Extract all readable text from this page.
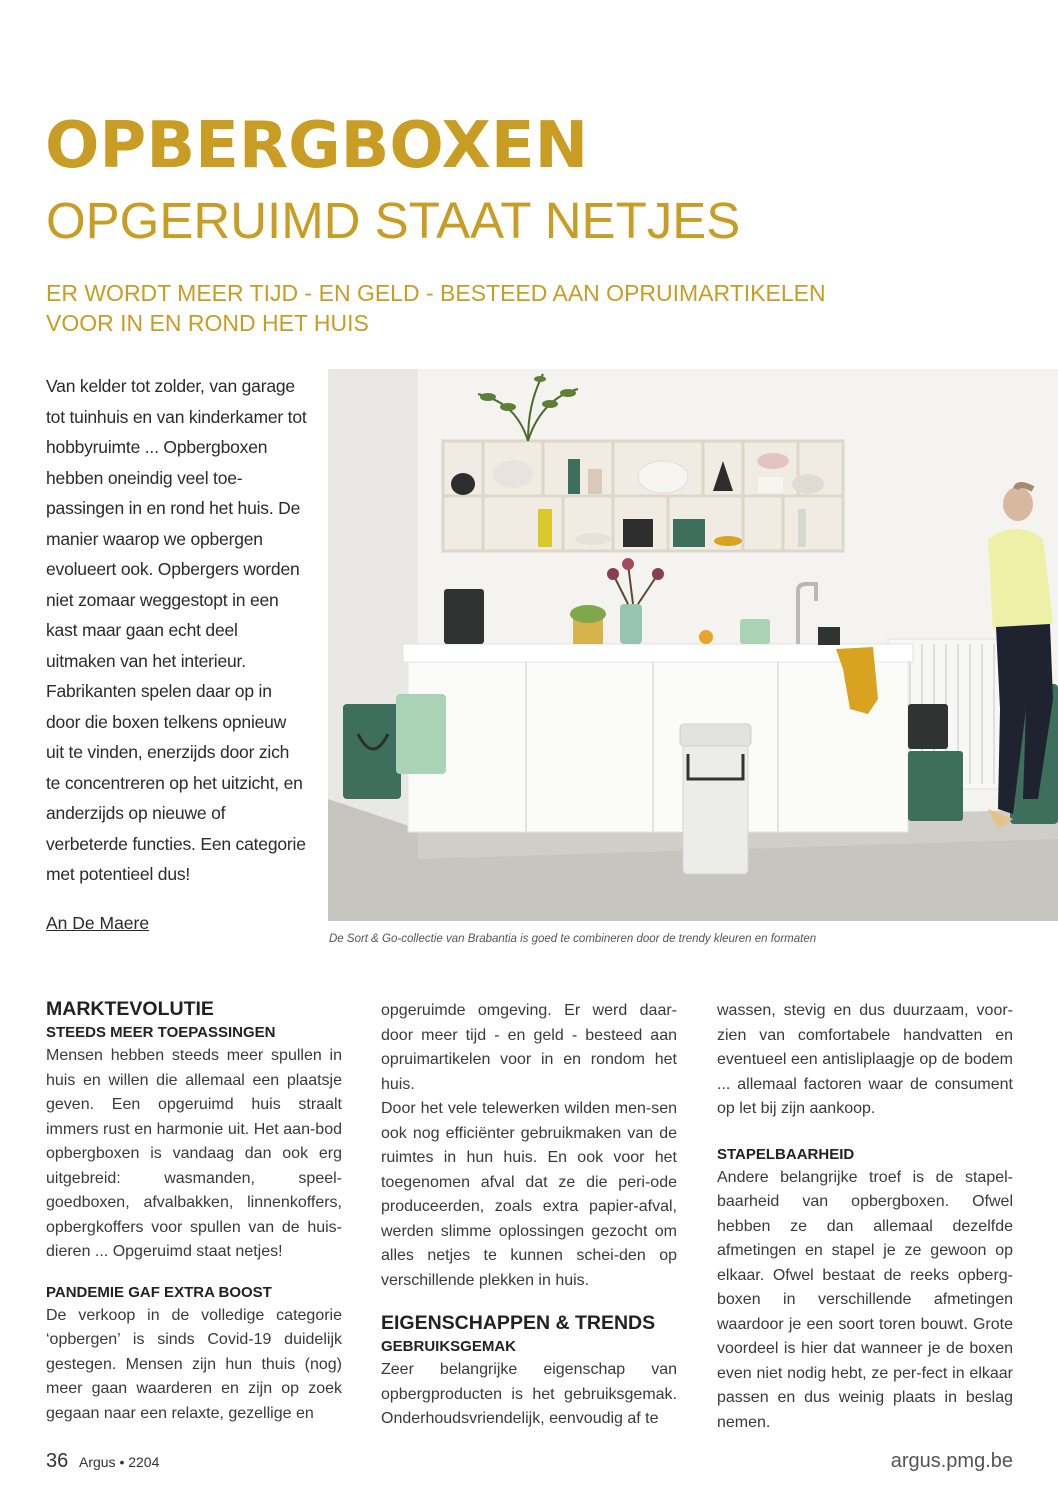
OPBERGBOXEN
OPGERUIMD STAAT NETJES
ER WORDT MEER TIJD - EN GELD - BESTEED AAN OPRUIMARTIKELEN
VOOR IN EN ROND HET HUIS

Van kelder tot zolder, van garage tot tuinhuis en van kinderkamer tot hobbyruimte ... Opbergboxen hebben oneindig veel toe-passingen in en rond het huis. De manier waarop we opbergen evolueert ook. Opbergers worden niet zomaar weggestopt in een kast maar gaan echt deel uitmaken van het interieur. Fabrikanten spelen daar op in door die boxen telkens opnieuw uit te vinden, enerzijds door zich te concentreren op het uitzicht, en anderzijds op nieuwe of verbeterde functies. Een categorie met potentieel dus!

An De Maere

De Sort & Go-collectie van Brabantia is goed te combineren door de trendy kleuren en formaten

MARKTEVOLUTIE
STEEDS MEER TOEPASSINGEN

Mensen hebben steeds meer spullen in huis en willen die allemaal een plaatsje geven. Een opgeruimd huis straalt immers rust en harmonie uit. Het aan-bod opbergboxen is vandaag dan ook erg uitgebreid: wasmanden, speel-goedboxen, afvalbakken, linnenkoffers, opbergkoffers voor spullen van de huis-dieren ... Opgeruimd staat netjes!

PANDEMIE GAF EXTRA BOOST

De verkoop in de volledige categorie ‘opbergen’ is sinds Covid-19 duidelijk gestegen. Mensen zijn hun thuis (nog) meer gaan waarderen en zijn op zoek gegaan naar een relaxte, gezellige en

opgeruimde omgeving. Er werd daar-door meer tijd - en geld - besteed aan opruimartikelen voor in en rondom het huis.

Door het vele telewerken wilden men-sen ook nog efficiënter gebruikmaken van de ruimtes in hun huis. En ook voor het toegenomen afval dat ze die peri-ode produceerden, zoals extra papier-afval, werden slimme oplossingen gezocht om alles netjes te kunnen schei-den op verschillende plekken in huis.

EIGENSCHAPPEN & TRENDS
GEBRUIKSGEMAK

Zeer belangrijke eigenschap van opbergproducten is het gebruiksgemak. Onderhoudsvriendelijk, eenvoudig af te

wassen, stevig en dus duurzaam, voor-zien van comfortabele handvatten en eventueel een antisliplaagje op de bodem ... allemaal factoren waar de consument op let bij zijn aankoop.

STAPELBAARHEID

Andere belangrijke troef is de stapel-baarheid van opbergboxen. Ofwel hebben ze dan allemaal dezelfde afmetingen en stapel je ze gewoon op elkaar. Ofwel bestaat de reeks opberg-boxen in verschillende afmetingen waardoor je een soort toren bouwt. Grote voordeel is hier dat wanneer je de boxen even niet nodig hebt, ze per-fect in elkaar passen en dus weinig plaats in beslag nemen.

36 Argus • 2204	argus.pmg.be
